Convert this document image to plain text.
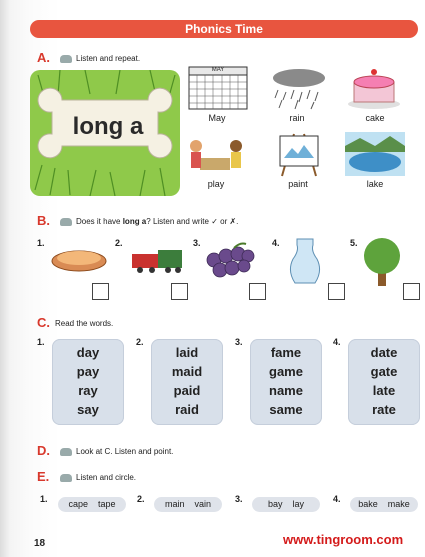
Phonics Time
A.	Listen and repeat.
long a
MAY
May	rain	cake
play	paint	lake
B.	Does it have long a? Listen and write ✓ or ✗.
1.	2.	3.	4.	5.
C. Read the words.
1.
day
pay
ray
say
2.
laid
maid
paid
raid
3.
fame
game
name
same
4.
date
gate
late
rate
D.	Look at C. Listen and point.
E.	Listen and circle.
1.	cape tape	2.	main vain	3.	bay lay	4.	bake make
18	www.tingroom.com
